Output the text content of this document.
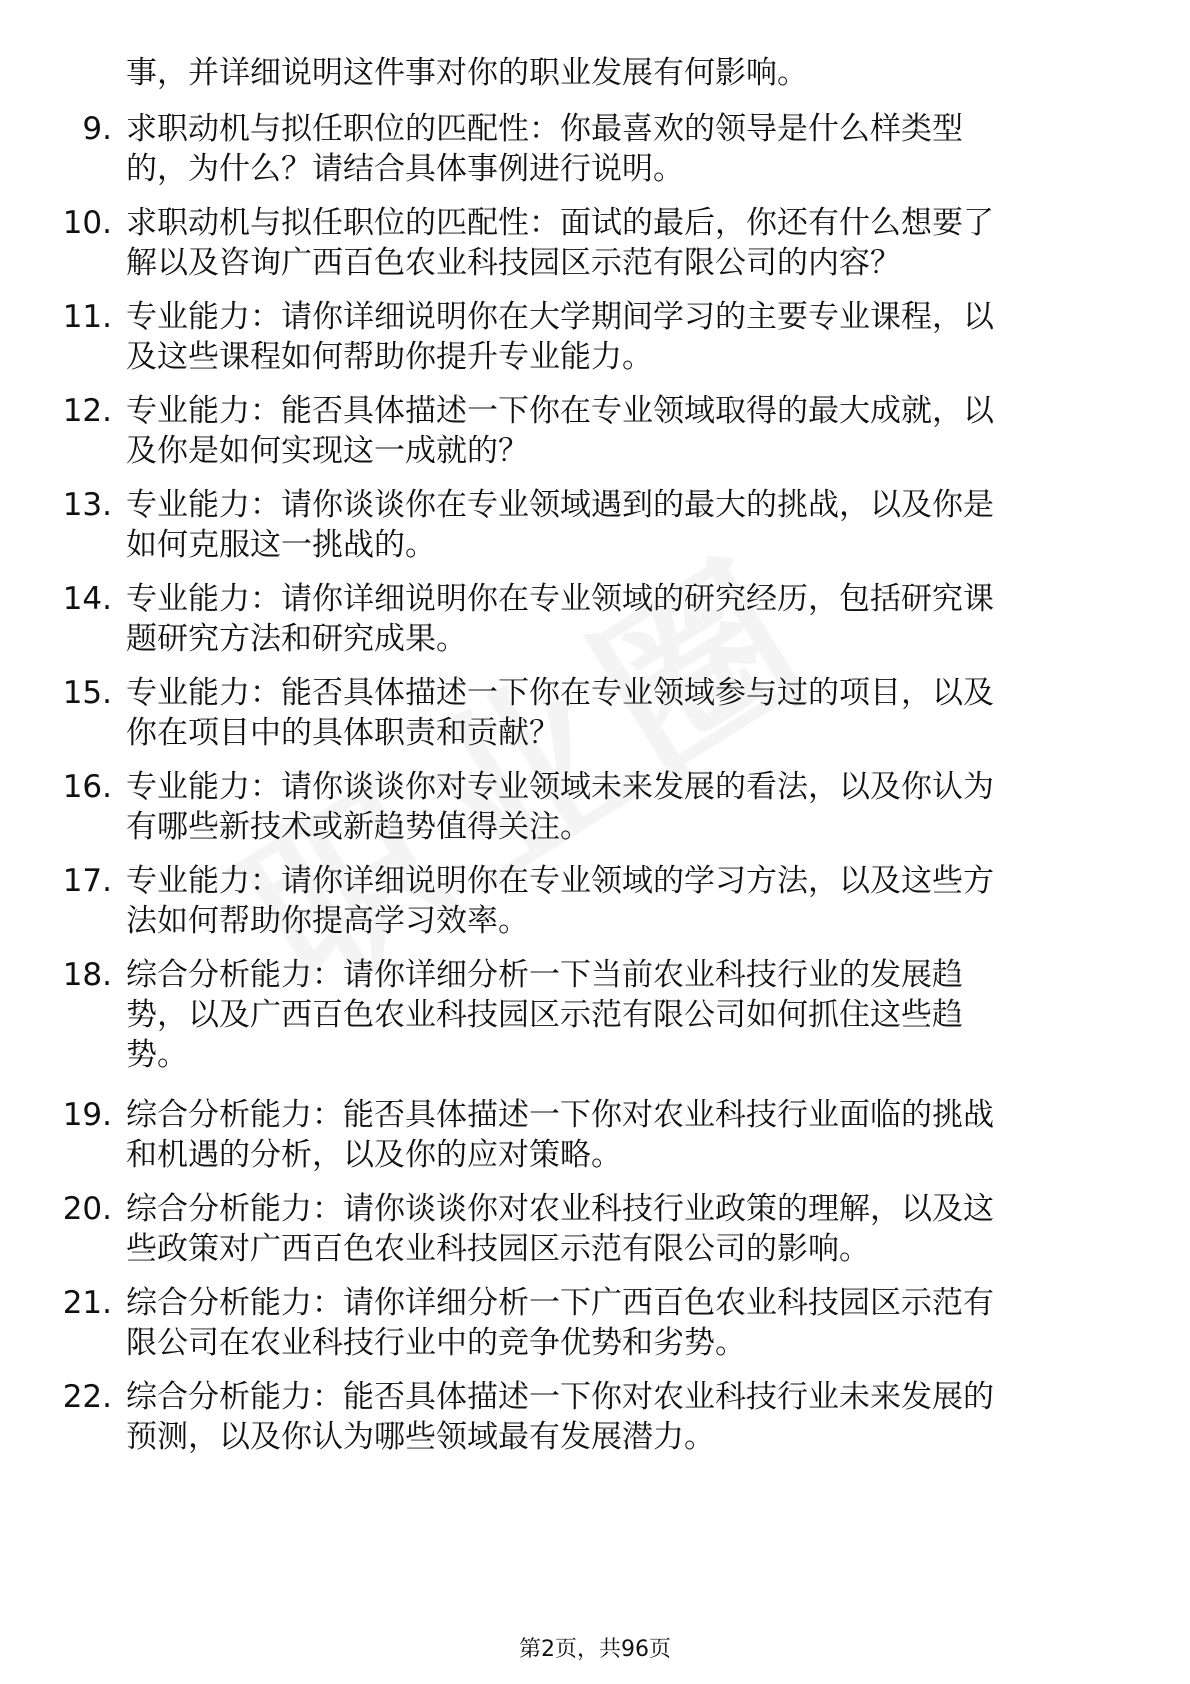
事，并详细说明这件事对你的职业发展有何影响。
9. 求职动机与拟任职位的匹配性：你最喜欢的领导是什么样类型
的，为什么？请结合具体事例进行说明。
10. 求职动机与拟任职位的匹配性：面试的最后，你还有什么想要了
解以及咨询广西百色农业科技园区示范有限公司的内容？
11. 专业能力：请你详细说明你在大学期间学习的主要专业课程，以
及这些课程如何帮助你提升专业能力。
12. 专业能力：能否具体描述一下你在专业领域取得的最大成就，以
及你是如何实现这一成就的？
13. 专业能力：请你谈谈你在专业领域遇到的最大的挑战，以及你是
如何克服这一挑战的。
14. 专业能力：请你详细说明你在专业领域的研究经历，包括研究课
题研究方法和研究成果。
15. 专业能力：能否具体描述一下你在专业领域参与过的项目，以及
你在项目中的具体职责和贡献？
16. 专业能力：请你谈谈你对专业领域未来发展的看法，以及你认为
有哪些新技术或新趋势值得关注。
17. 专业能力：请你详细说明你在专业领域的学习方法，以及这些方
法如何帮助你提高学习效率。
18. 综合分析能力：请你详细分析一下当前农业科技行业的发展趋
势，以及广西百色农业科技园区示范有限公司如何抓住这些趋
势。
19. 综合分析能力：能否具体描述一下你对农业科技行业面临的挑战
和机遇的分析，以及你的应对策略。
20. 综合分析能力：请你谈谈你对农业科技行业政策的理解，以及这
些政策对广西百色农业科技园区示范有限公司的影响。
21. 综合分析能力：请你详细分析一下广西百色农业科技园区示范有
限公司在农业科技行业中的竞争优势和劣势。
22. 综合分析能力：能否具体描述一下你对农业科技行业未来发展的
预测，以及你认为哪些领域最有发展潜力。
第2页，共96页
